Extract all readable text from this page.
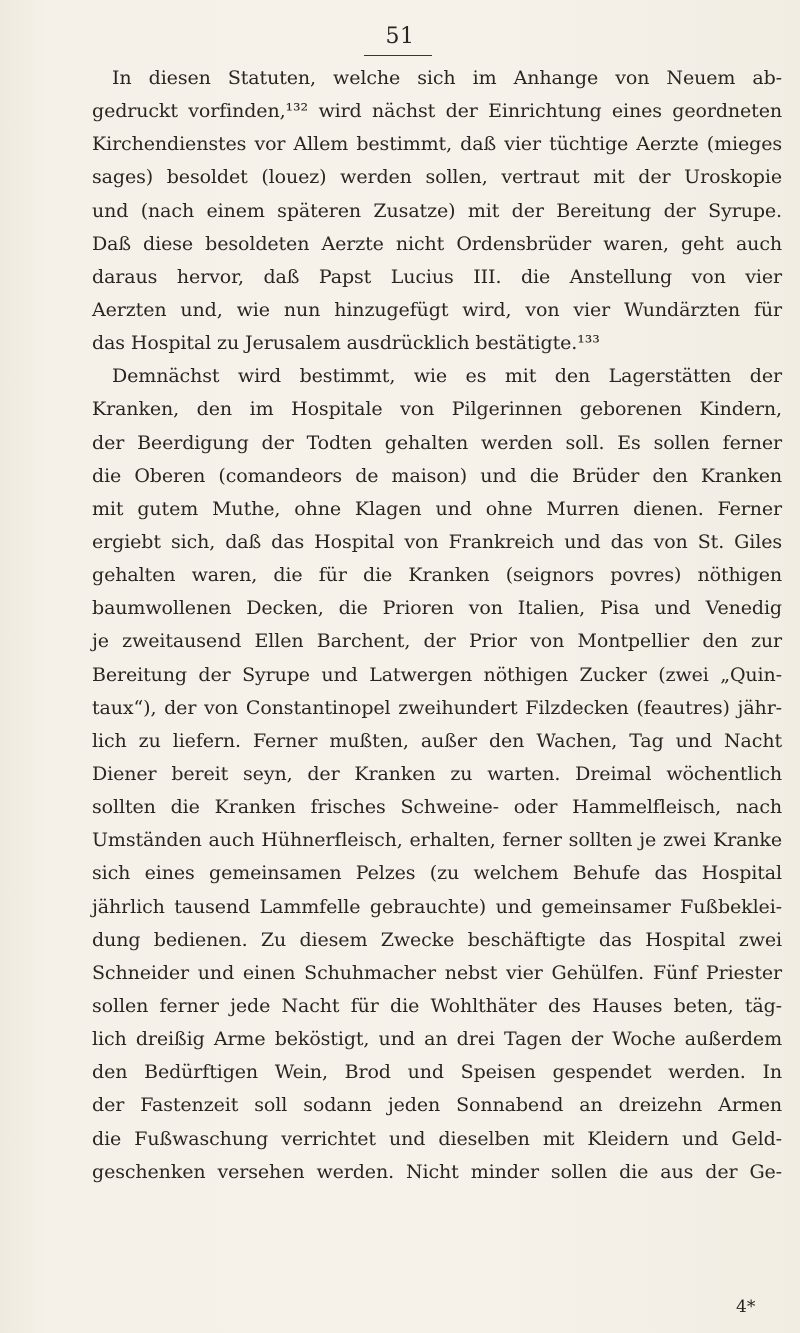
51
In diesen Statuten, welche sich im Anhange von Neuem ab-
gedruckt vorfinden,¹³² wird nächst der Einrichtung eines geordneten
Kirchendienstes vor Allem bestimmt, daß vier tüchtige Aerzte (mieges
sages) besoldet (louez) werden sollen, vertraut mit der Uroskopie
und (nach einem späteren Zusatze) mit der Bereitung der Syrupe.
Daß diese besoldeten Aerzte nicht Ordensbrüder waren, geht auch
daraus hervor, daß Papst Lucius III. die Anstellung von vier
Aerzten und, wie nun hinzugefügt wird, von vier Wundärzten für
das Hospital zu Jerusalem ausdrücklich bestätigte.¹³³
Demnächst wird bestimmt, wie es mit den Lagerstätten der
Kranken, den im Hospitale von Pilgerinnen geborenen Kindern,
der Beerdigung der Todten gehalten werden soll. Es sollen ferner
die Oberen (comandeors de maison) und die Brüder den Kranken
mit gutem Muthe, ohne Klagen und ohne Murren dienen. Ferner
ergiebt sich, daß das Hospital von Frankreich und das von St. Giles
gehalten waren, die für die Kranken (seignors povres) nöthigen
baumwollenen Decken, die Prioren von Italien, Pisa und Venedig
je zweitausend Ellen Barchent, der Prior von Montpellier den zur
Bereitung der Syrupe und Latwergen nöthigen Zucker (zwei „Quin-
taux“), der von Constantinopel zweihundert Filzdecken (feautres) jähr-
lich zu liefern. Ferner mußten, außer den Wachen, Tag und Nacht
Diener bereit seyn, der Kranken zu warten. Dreimal wöchentlich
sollten die Kranken frisches Schweine- oder Hammelfleisch, nach
Umständen auch Hühnerfleisch, erhalten, ferner sollten je zwei Kranke
sich eines gemeinsamen Pelzes (zu welchem Behufe das Hospital
jährlich tausend Lammfelle gebrauchte) und gemeinsamer Fußbeklei-
dung bedienen. Zu diesem Zwecke beschäftigte das Hospital zwei
Schneider und einen Schuhmacher nebst vier Gehülfen. Fünf Priester
sollen ferner jede Nacht für die Wohlthäter des Hauses beten, täg-
lich dreißig Arme beköstigt, und an drei Tagen der Woche außerdem
den Bedürftigen Wein, Brod und Speisen gespendet werden. In
der Fastenzeit soll sodann jeden Sonnabend an dreizehn Armen
die Fußwaschung verrichtet und dieselben mit Kleidern und Geld-
geschenken versehen werden. Nicht minder sollen die aus der Ge-
4*
